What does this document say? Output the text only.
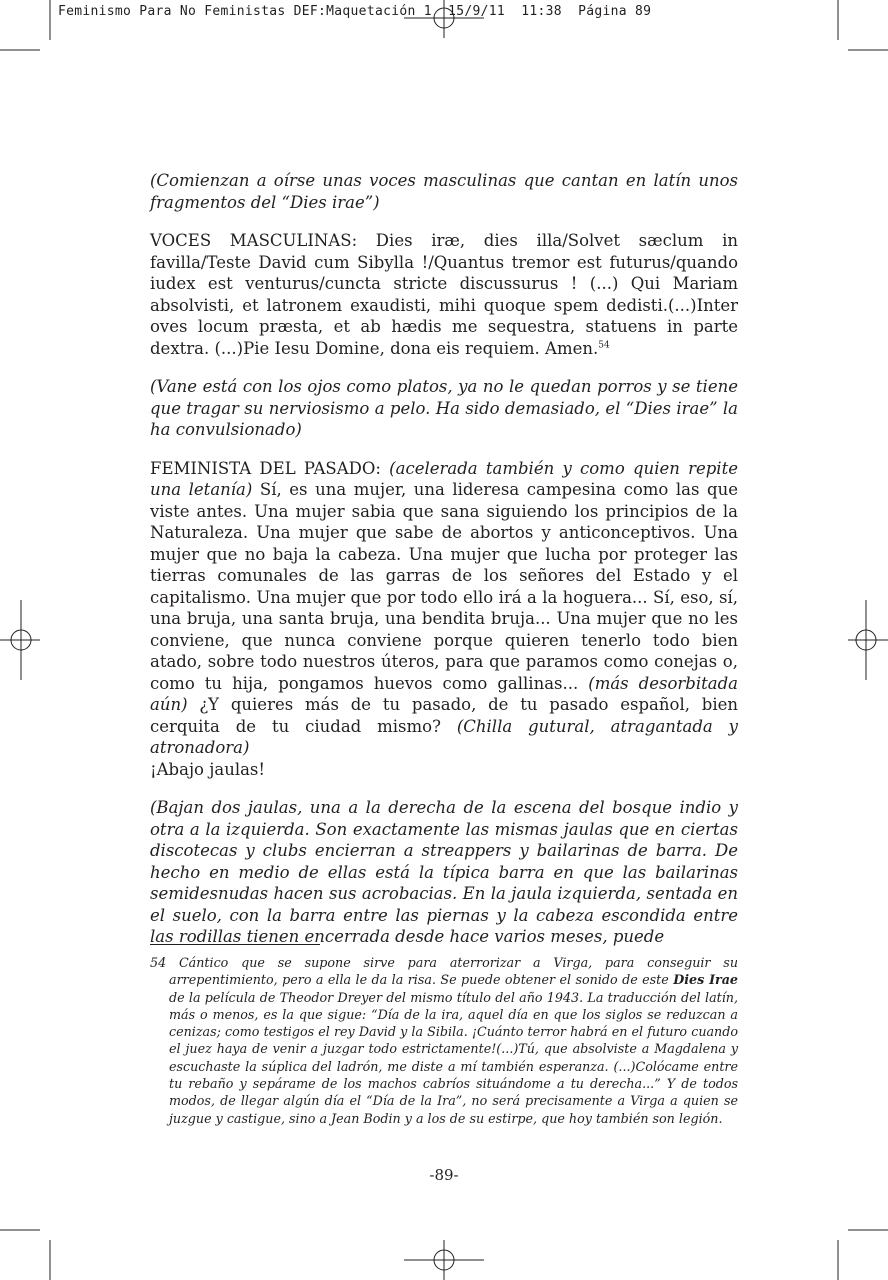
Feminismo Para No Feministas DEF:Maquetación 1  15/9/11  11:38  Página 89

(Comienzan a oírse unas voces masculinas que cantan en latín unos fragmentos del “Dies irae”)

VOCES MASCULINAS: Dies iræ, dies illa/Solvet sæclum in favilla/Teste David cum Sibylla !/Quantus tremor est futurus/quando iudex est venturus/cuncta stricte discussurus ! (...) Qui Mariam absolvisti, et latronem exaudisti, mihi quoque spem dedisti.(...)Inter oves locum præsta, et ab hædis me sequestra, statuens in parte dextra. (...)Pie Iesu Domine, dona eis requiem. Amen.$^{54}$

(Vane está con los ojos como platos, ya no le quedan porros y se tiene que tragar su nerviosismo a pelo. Ha sido demasiado, el “Dies irae” la ha convulsionado)

FEMINISTA DEL PASADO: (acelerada también y como quien repite una letanía) Sí, es una mujer, una lideresa campesina como las que viste antes. Una mujer sabia que sana siguiendo los principios de la Naturaleza. Una mujer que sabe de abortos y anticonceptivos. Una mujer que no baja la cabeza. Una mujer que lucha por proteger las tierras comunales de las garras de los señores del Estado y el capitalismo. Una mujer que por todo ello irá a la hoguera... Sí, eso, sí, una bruja, una santa bruja, una bendita bruja... Una mujer que no les conviene, que nunca conviene porque quieren tenerlo todo bien atado, sobre todo nuestros úteros, para que paramos como conejas o, como tu hija, pongamos huevos como gallinas... (más desorbitada aún) ¿Y quieres más de tu pasado, de tu pasado español, bien cerquita de tu ciudad mismo? (Chilla gutural, atragantada y atronadora)
¡Abajo jaulas!

(Bajan dos jaulas, una a la derecha de la escena del bosque indio y otra a la izquierda. Son exactamente las mismas jaulas que en ciertas discotecas y clubs encierran a streappers y bailarinas de barra. De hecho en medio de ellas está la típica barra en que las bailarinas semidesnudas hacen sus acrobacias. En la jaula izquierda, sentada en el suelo, con la barra entre las piernas y la cabeza escondida entre las rodillas tienen encerrada desde hace varios meses, puede

54 Cántico que se supone sirve para aterrorizar a Virga, para conseguir su arrepentimiento, pero a ella le da la risa. Se puede obtener el sonido de este Dies Irae de la película de Theodor Dreyer del mismo título del año 1943. La traducción del latín, más o menos, es la que sigue: “Día de la ira, aquel día en que los siglos se reduzcan a cenizas; como testigos el rey David y la Sibila. ¡Cuánto terror habrá en el futuro cuando el juez haya de venir a juzgar todo estrictamente!(...)Tú, que absolviste a Magdalena y escuchaste la súplica del ladrón, me diste a mí también esperanza. (...)Colócame entre tu rebaño y sepárame de los machos cabríos situándome a tu derecha...” Y de todos modos, de llegar algún día el “Día de la Ira”, no será precisamente a Virga a quien se juzgue y castigue, sino a Jean Bodin y a los de su estirpe, que hoy también son legión.

-89-
